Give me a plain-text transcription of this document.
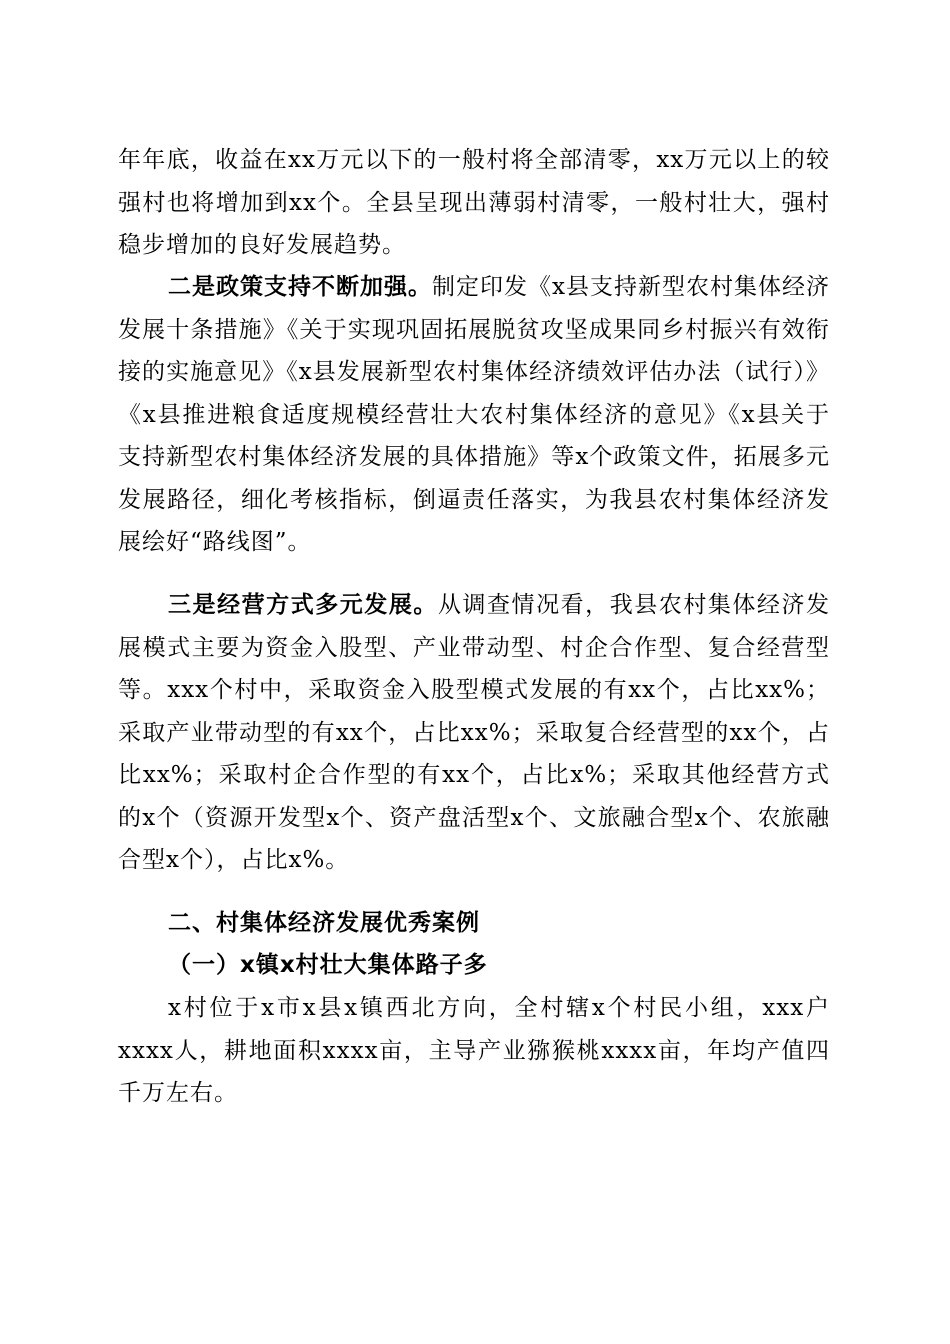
年年底，收益在xx万元以下的一般村将全部清零，xx万元以上的较强村也将增加到xx个。全县呈现出薄弱村清零，一般村壮大，强村稳步增加的良好发展趋势。

二是政策支持不断加强。制定印发《x县支持新型农村集体经济发展十条措施》《关于实现巩固拓展脱贫攻坚成果同乡村振兴有效衔接的实施意见》《x县发展新型农村集体经济绩效评估办法（试行）》《x县推进粮食适度规模经营壮大农村集体经济的意见》《x县关于支持新型农村集体经济发展的具体措施》等x个政策文件，拓展多元发展路径，细化考核指标，倒逼责任落实，为我县农村集体经济发展绘好“路线图”。

三是经营方式多元发展。从调查情况看，我县农村集体经济发展模式主要为资金入股型、产业带动型、村企合作型、复合经营型等。xxx个村中，采取资金入股型模式发展的有xx个，占比xx%；采取产业带动型的有xx个，占比xx%；采取复合经营型的xx个，占比xx%；采取村企合作型的有xx个，占比x%；采取其他经营方式的x个（资源开发型x个、资产盘活型x个、文旅融合型x个、农旅融合型x个），占比x%。

二、村集体经济发展优秀案例
（一）x镇x村壮大集体路子多

x村位于x市x县x镇西北方向，全村辖x个村民小组，xxx户xxxx人，耕地面积xxxx亩，主导产业猕猴桃xxxx亩，年均产值四千万左右。
